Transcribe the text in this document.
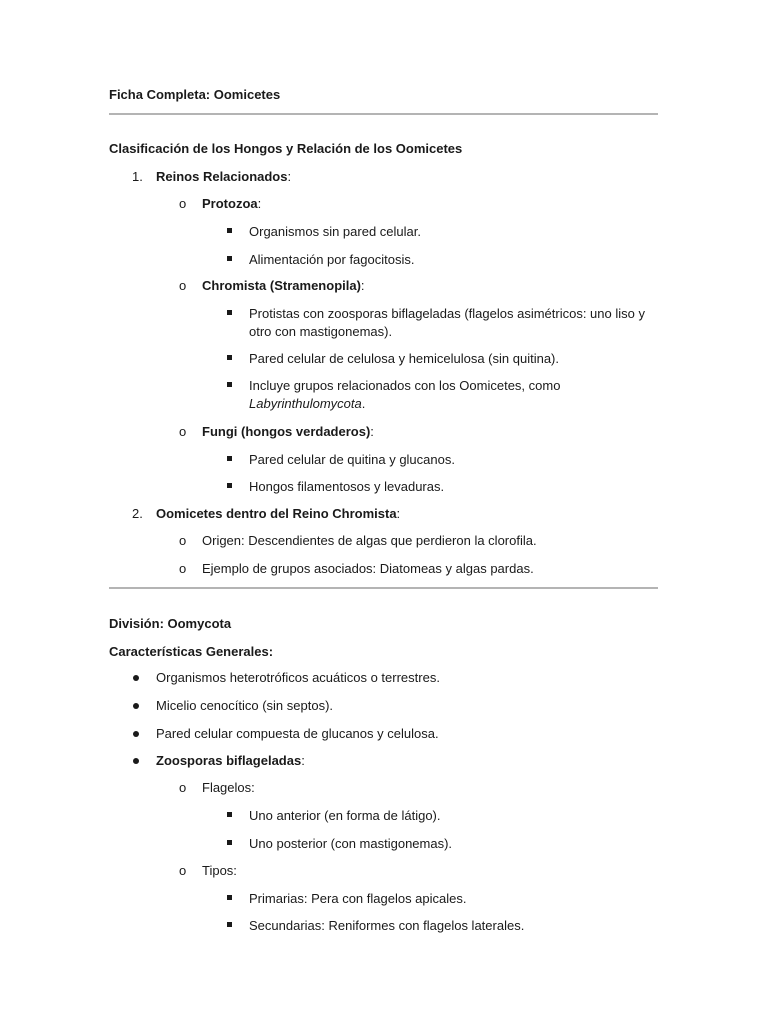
Ficha Completa: Oomicetes
Clasificación de los Hongos y Relación de los Oomicetes
1. Reinos Relacionados:
o Protozoa:
Organismos sin pared celular.
Alimentación por fagocitosis.
o Chromista (Stramenopila):
Protistas con zoosporas biflageladas (flagelos asimétricos: uno liso y
otro con mastigonemas).
Pared celular de celulosa y hemicelulosa (sin quitina).
Incluye grupos relacionados con los Oomicetes, como
Labyrinthulomycota.
o Fungi (hongos verdaderos):
Pared celular de quitina y glucanos.
Hongos filamentosos y levaduras.
2. Oomicetes dentro del Reino Chromista:
o Origen: Descendientes de algas que perdieron la clorofila.
o Ejemplo de grupos asociados: Diatomeas y algas pardas.
División: Oomycota
Características Generales:
Organismos heterotróficos acuáticos o terrestres.
Micelio cenocítico (sin septos).
Pared celular compuesta de glucanos y celulosa.
Zoosporas biflageladas:
o Flagelos:
Uno anterior (en forma de látigo).
Uno posterior (con mastigonemas).
o Tipos:
Primarias: Pera con flagelos apicales.
Secundarias: Reniformes con flagelos laterales.
